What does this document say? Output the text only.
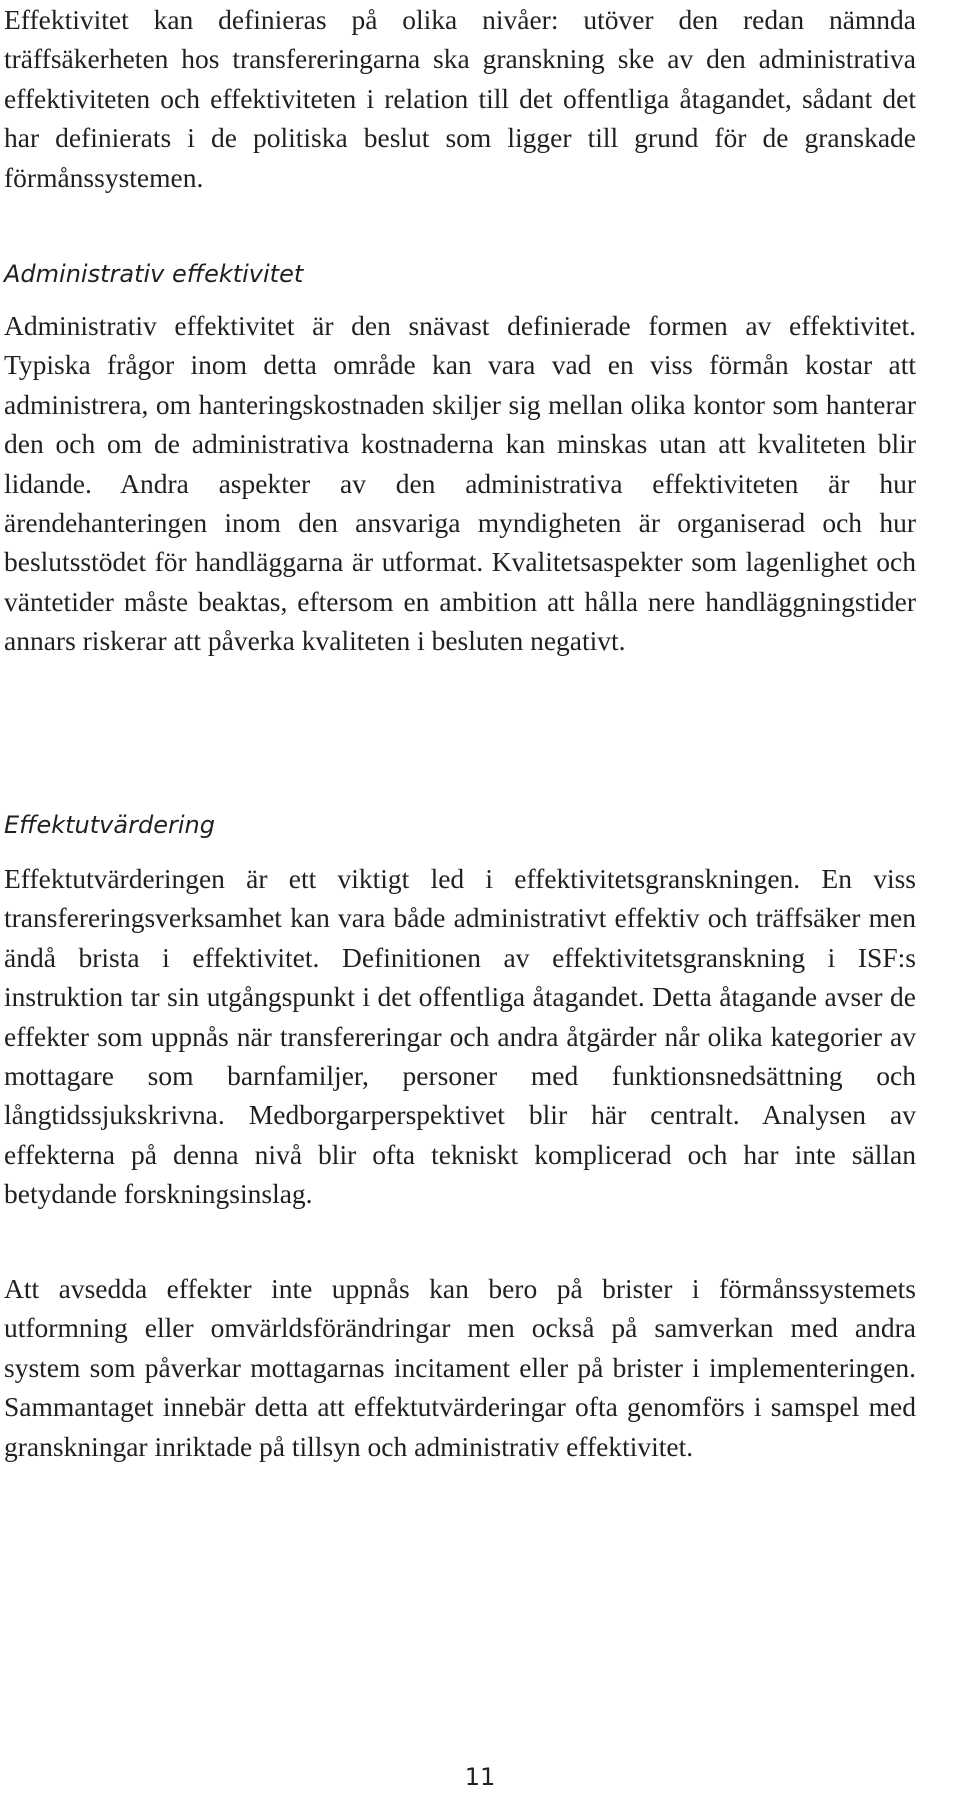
Effektivitet kan definieras på olika nivåer: utöver den redan nämnda träffsäkerheten hos transfereringarna ska granskning ske av den administrativa effektiviteten och effektiviteten i relation till det offentliga åtagandet, sådant det har definierats i de politiska beslut som ligger till grund för de granskade förmånssystemen.

Administrativ effektivitet

Administrativ effektivitet är den snävast definierade formen av effektivitet. Typiska frågor inom detta område kan vara vad en viss förmån kostar att administrera, om hanteringskostnaden skiljer sig mellan olika kontor som hanterar den och om de administrativa kostnaderna kan minskas utan att kvaliteten blir lidande. Andra aspekter av den administrativa effektiviteten är hur ärendehanteringen inom den ansvariga myndigheten är organiserad och hur beslutsstödet för handläggarna är utformat. Kvalitetsaspekter som lagenlighet och väntetider måste beaktas, eftersom en ambition att hålla nere handläggningstider annars riskerar att påverka kvaliteten i besluten negativt.

Effektutvärdering

Effektutvärderingen är ett viktigt led i effektivitetsgranskningen. En viss transfereringsverksamhet kan vara både administrativt effektiv och träffsäker men ändå brista i effektivitet. Definitionen av effektivitetsgranskning i ISF:s instruktion tar sin utgångspunkt i det offentliga åtagandet. Detta åtagande avser de effekter som uppnås när transfereringar och andra åtgärder når olika kategorier av mottagare som barnfamiljer, personer med funktionsnedsättning och långtidssjukskrivna. Medborgarperspektivet blir här centralt. Analysen av effekterna på denna nivå blir ofta tekniskt komplicerad och har inte sällan betydande forskningsinslag.

Att avsedda effekter inte uppnås kan bero på brister i förmånssystemets utformning eller omvärldsförändringar men också på samverkan med andra system som påverkar mottagarnas incitament eller på brister i implementeringen. Sammantaget innebär detta att effektutvärderingar ofta genomförs i samspel med granskningar inriktade på tillsyn och administrativ effektivitet.

11
